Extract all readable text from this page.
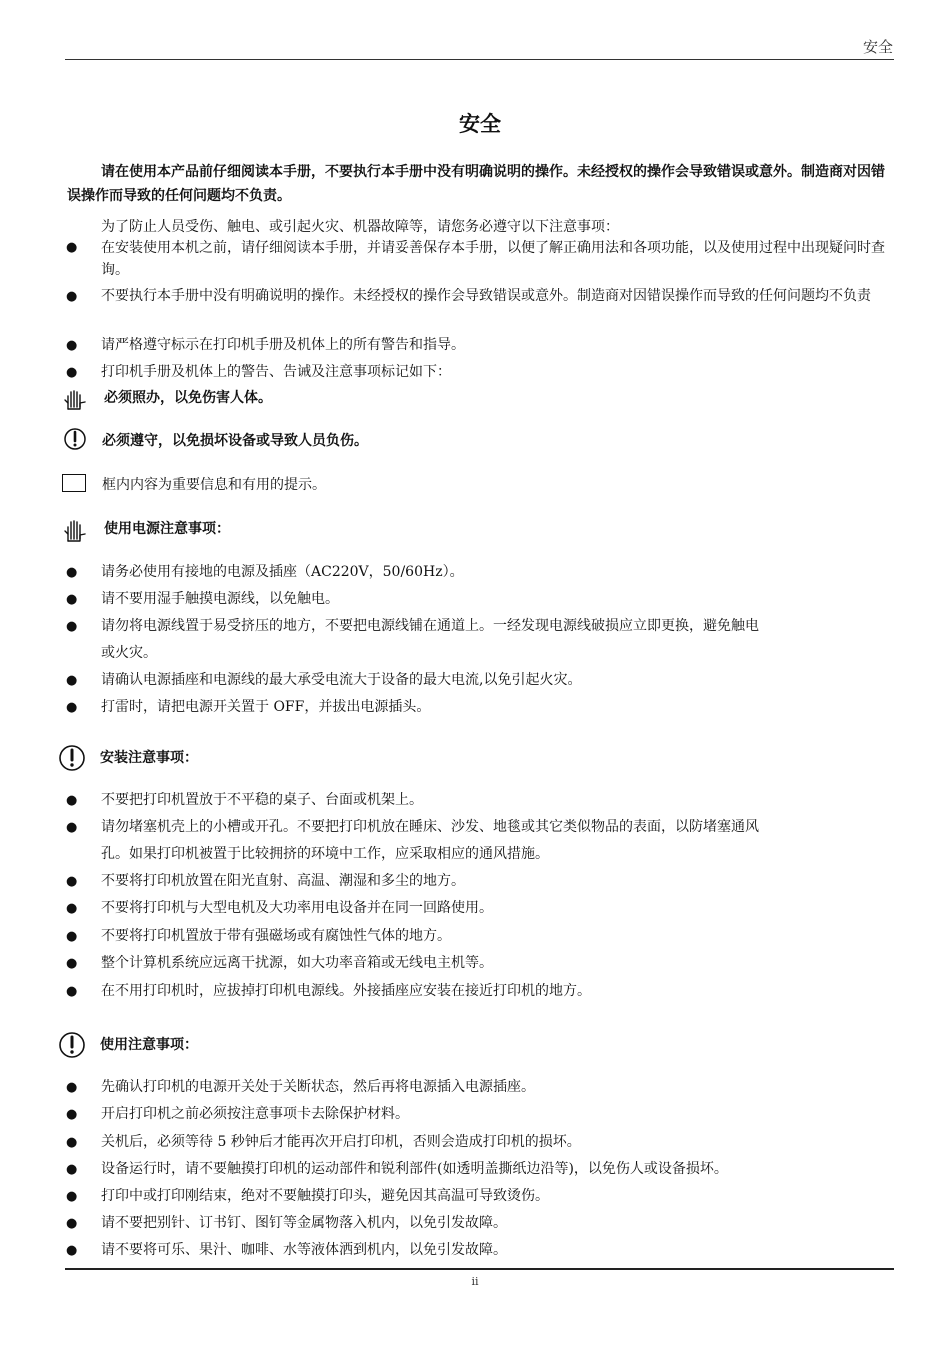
安全
安全
请在使用本产品前仔细阅读本手册，不要执行本手册中没有明确说明的操作。未经授权的操作会导致错误或意外。制造商对因错误操作而导致的任何问题均不负责。
为了防止人员受伤、触电、或引起火灾、机器故障等，请您务必遵守以下注意事项：
●
在安装使用本机之前，请仔细阅读本手册，并请妥善保存本手册，以便了解正确用法和各项功能，以及使用过程中出现疑问时查询。
●
不要执行本手册中没有明确说明的操作。未经授权的操作会导致错误或意外。制造商对因错误操作而导致的任何问题均不负责
●
请严格遵守标示在打印机手册及机体上的所有警告和指导。
●
打印机手册及机体上的警告、告诫及注意事项标记如下：
必须照办，以免伤害人体。
必须遵守，以免损坏设备或导致人员负伤。
框内内容为重要信息和有用的提示。
使用电源注意事项：
●
请务必使用有接地的电源及插座（AC220V，50/60Hz）。
●
请不要用湿手触摸电源线，以免触电。
●
请勿将电源线置于易受挤压的地方，不要把电源线铺在通道上。一经发现电源线破损应立即更换，避免触电
或火灾。
●
请确认电源插座和电源线的最大承受电流大于设备的最大电流,以免引起火灾。
●
打雷时，请把电源开关置于 OFF，并拔出电源插头。
安装注意事项：
●
不要把打印机置放于不平稳的桌子、台面或机架上。
●
请勿堵塞机壳上的小槽或开孔。不要把打印机放在睡床、沙发、地毯或其它类似物品的表面，以防堵塞通风
孔。如果打印机被置于比较拥挤的环境中工作，应采取相应的通风措施。
●
不要将打印机放置在阳光直射、高温、潮湿和多尘的地方。
●
不要将打印机与大型电机及大功率用电设备并在同一回路使用。
●
不要将打印机置放于带有强磁场或有腐蚀性气体的地方。
●
整个计算机系统应远离干扰源，如大功率音箱或无线电主机等。
●
在不用打印机时，应拔掉打印机电源线。外接插座应安装在接近打印机的地方。
使用注意事项：
●
先确认打印机的电源开关处于关断状态，然后再将电源插入电源插座。
●
开启打印机之前必须按注意事项卡去除保护材料。
●
关机后，必须等待 5 秒钟后才能再次开启打印机，否则会造成打印机的损坏。
●
设备运行时，请不要触摸打印机的运动部件和锐利部件(如透明盖撕纸边沿等)，以免伤人或设备损坏。
●
打印中或打印刚结束，绝对不要触摸打印头，避免因其高温可导致烫伤。
●
请不要把别针、订书钉、图钉等金属物落入机内，以免引发故障。
●
请不要将可乐、果汁、咖啡、水等液体洒到机内，以免引发故障。
ii
